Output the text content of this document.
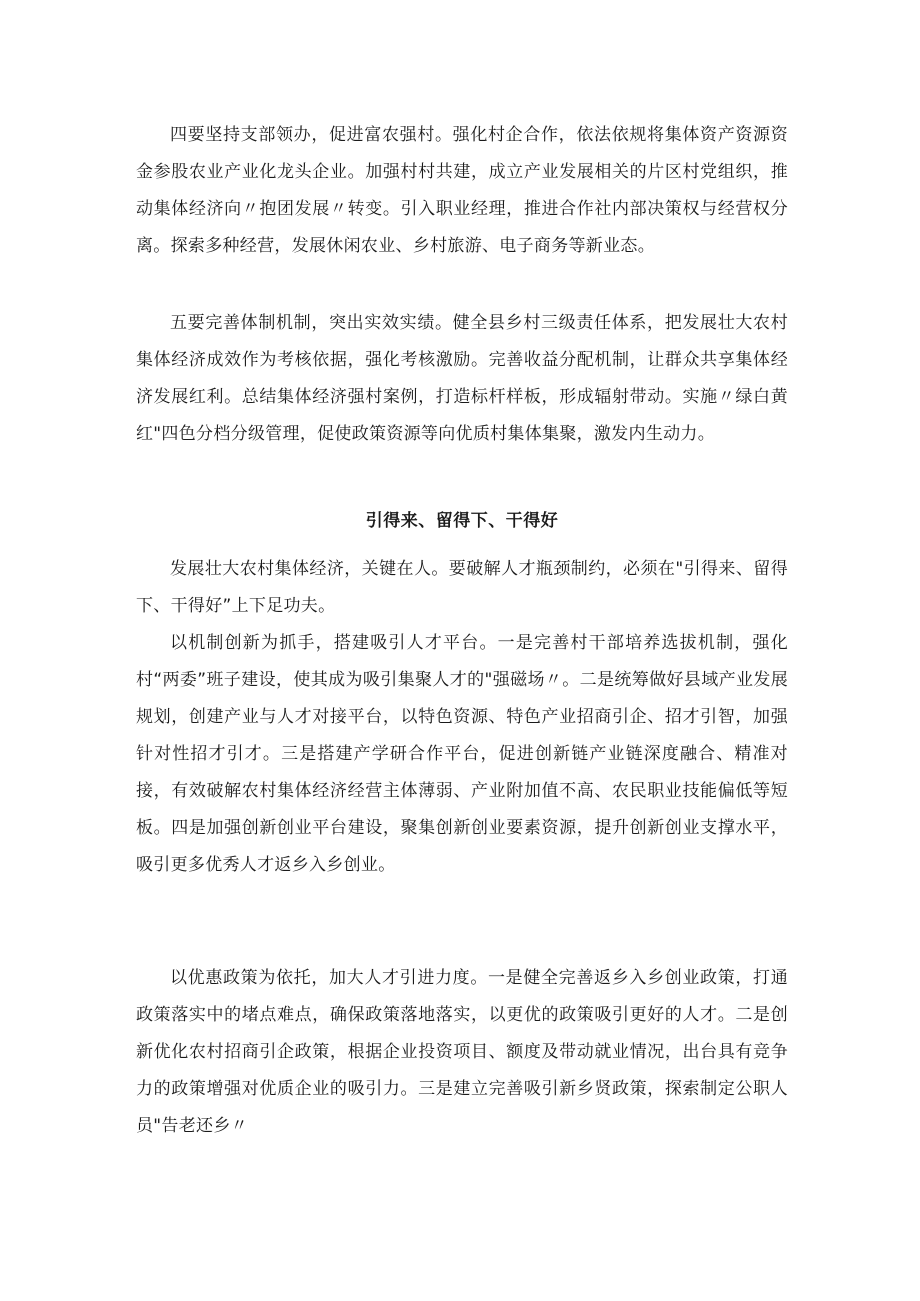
四要坚持支部领办，促进富农强村。强化村企合作，依法依规将集体资产资源资金参股农业产业化龙头企业。加强村村共建，成立产业发展相关的片区村党组织，推动集体经济向〃抱团发展〃转变。引入职业经理，推进合作社内部决策权与经营权分离。探索多种经营，发展休闲农业、乡村旅游、电子商务等新业态。

五要完善体制机制，突出实效实绩。健全县乡村三级责任体系，把发展壮大农村集体经济成效作为考核依据，强化考核激励。完善收益分配机制，让群众共享集体经济发展红利。总结集体经济强村案例，打造标杆样板，形成辐射带动。实施〃绿白黄红"四色分档分级管理，促使政策资源等向优质村集体集聚，激发内生动力。

引得来、留得下、干得好

发展壮大农村集体经济，关键在人。要破解人才瓶颈制约，必须在"引得来、留得下、干得好”上下足功夫。

以机制创新为抓手，搭建吸引人才平台。一是完善村干部培养选拔机制，强化村“两委”班子建设，使其成为吸引集聚人才的"强磁场〃。二是统筹做好县域产业发展规划，创建产业与人才对接平台，以特色资源、特色产业招商引企、招才引智，加强针对性招才引才。三是搭建产学研合作平台，促进创新链产业链深度融合、精准对接，有效破解农村集体经济经营主体薄弱、产业附加值不高、农民职业技能偏低等短板。四是加强创新创业平台建设，聚集创新创业要素资源，提升创新创业支撑水平，吸引更多优秀人才返乡入乡创业。

以优惠政策为依托，加大人才引进力度。一是健全完善返乡入乡创业政策，打通政策落实中的堵点难点，确保政策落地落实，以更优的政策吸引更好的人才。二是创新优化农村招商引企政策，根据企业投资项目、额度及带动就业情况，出台具有竞争力的政策增强对优质企业的吸引力。三是建立完善吸引新乡贤政策，探索制定公职人员"告老还乡〃
